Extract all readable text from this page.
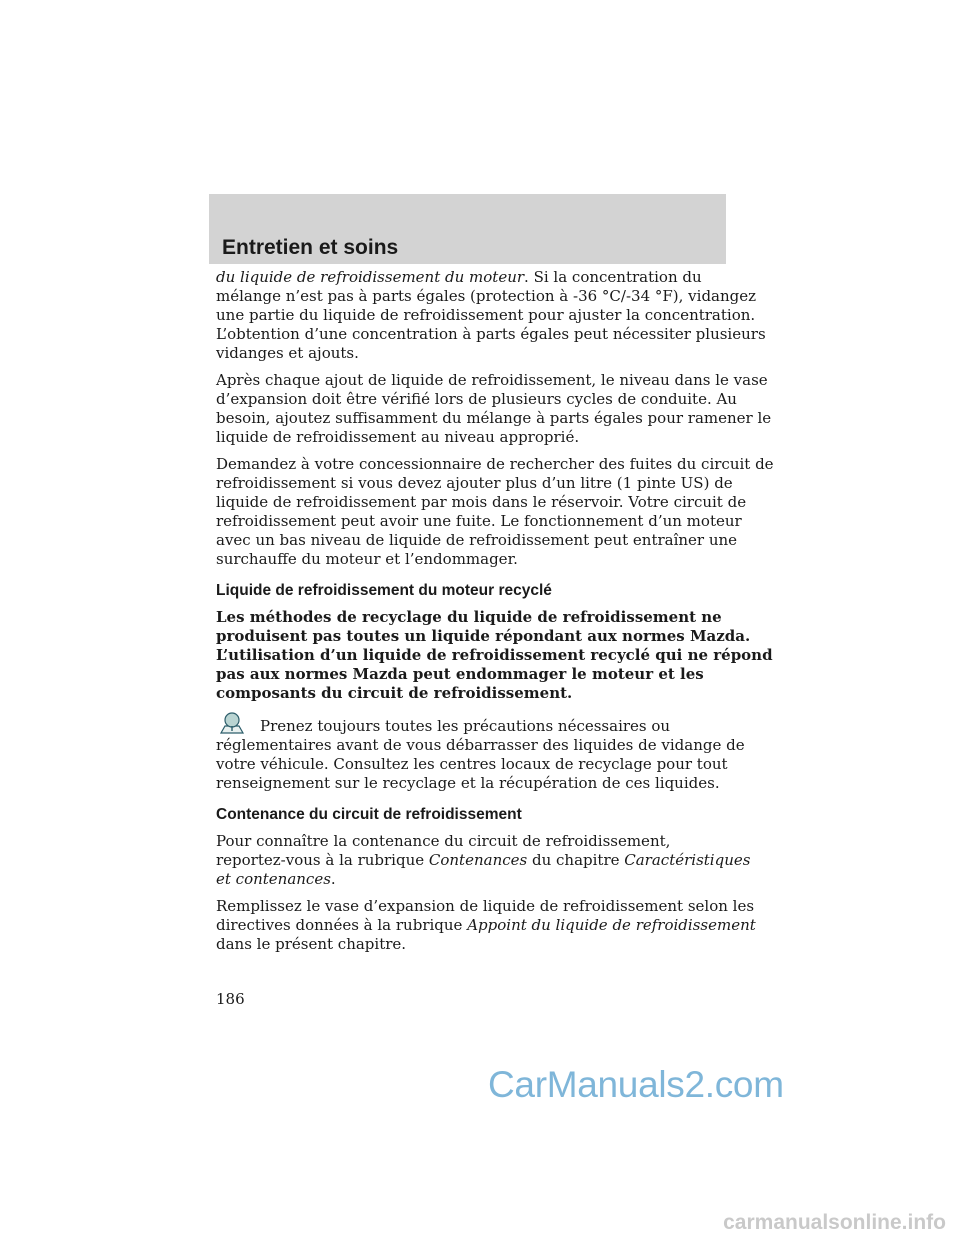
Entretien et soins

du liquide de refroidissement du moteur. Si la concentration du
mélange n’est pas à parts égales (protection à -36 °C/-34 °F), vidangez
une partie du liquide de refroidissement pour ajuster la concentration.
L’obtention d’une concentration à parts égales peut nécessiter plusieurs
vidanges et ajouts.

Après chaque ajout de liquide de refroidissement, le niveau dans le vase
d’expansion doit être vérifié lors de plusieurs cycles de conduite. Au
besoin, ajoutez suffisamment du mélange à parts égales pour ramener le
liquide de refroidissement au niveau approprié.

Demandez à votre concessionnaire de rechercher des fuites du circuit de
refroidissement si vous devez ajouter plus d’un litre (1 pinte US) de
liquide de refroidissement par mois dans le réservoir. Votre circuit de
refroidissement peut avoir une fuite. Le fonctionnement d’un moteur
avec un bas niveau de liquide de refroidissement peut entraîner une
surchauffe du moteur et l’endommager.

Liquide de refroidissement du moteur recyclé

Les méthodes de recyclage du liquide de refroidissement ne
produisent pas toutes un liquide répondant aux normes Mazda.
L’utilisation d’un liquide de refroidissement recyclé qui ne répond
pas aux normes Mazda peut endommager le moteur et les
composants du circuit de refroidissement.

Prenez toujours toutes les précautions nécessaires ou
réglementaires avant de vous débarrasser des liquides de vidange de
votre véhicule. Consultez les centres locaux de recyclage pour tout
renseignement sur le recyclage et la récupération de ces liquides.

Contenance du circuit de refroidissement

Pour connaître la contenance du circuit de refroidissement,
reportez-vous à la rubrique Contenances du chapitre Caractéristiques
et contenances.

Remplissez le vase d’expansion de liquide de refroidissement selon les
directives données à la rubrique Appoint du liquide de refroidissement
dans le présent chapitre.

186
CarManuals2.com
carmanualsonline.info
